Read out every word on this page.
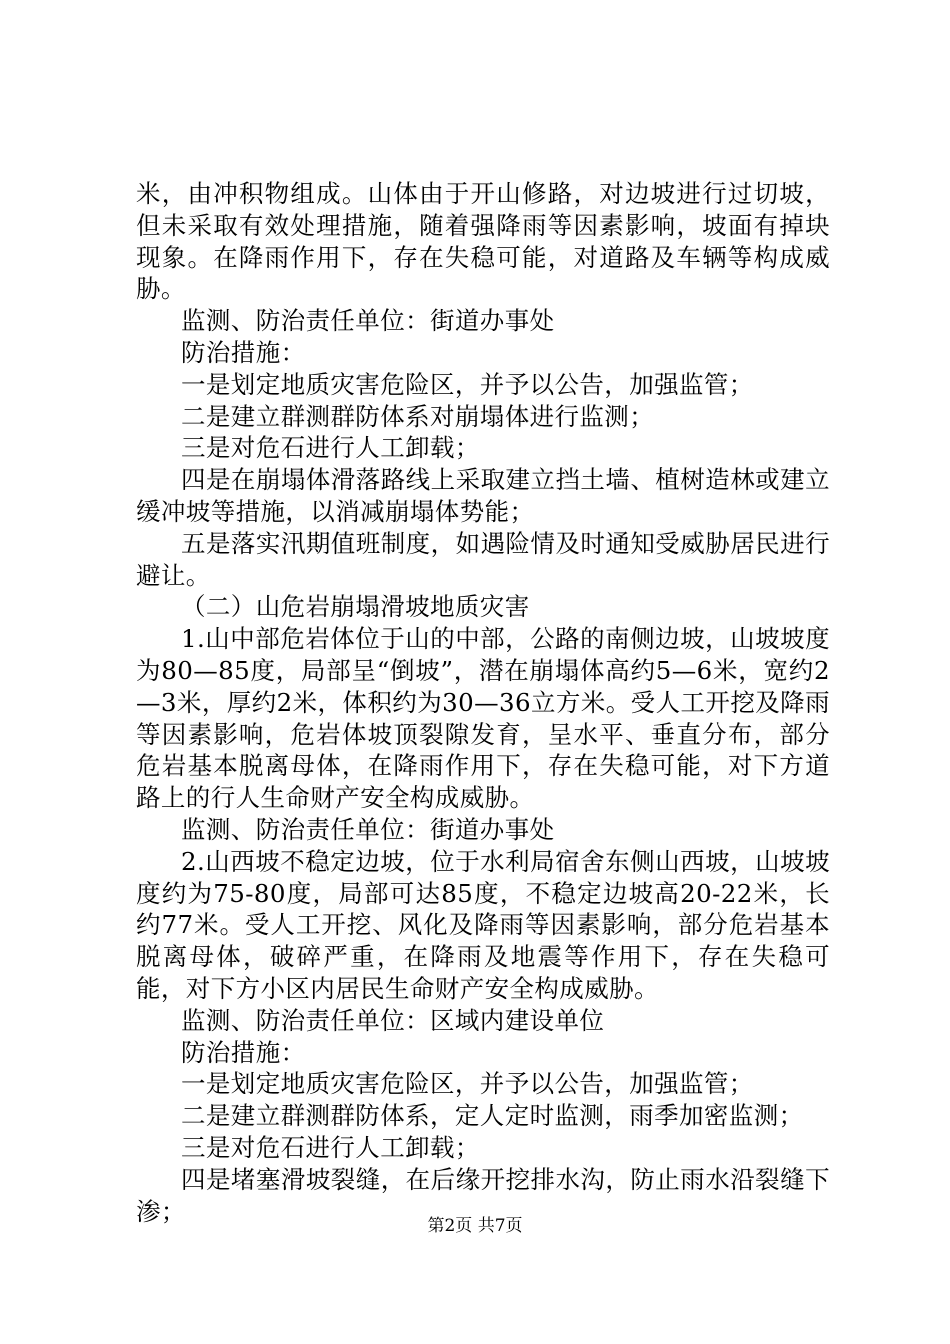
米，由冲积物组成。山体由于开山修路，对边坡进行过切坡，但未采取有效处理措施，随着强降雨等因素影响，坡面有掉块现象。在降雨作用下，存在失稳可能，对道路及车辆等构成威胁。

监测、防治责任单位：街道办事处

防治措施：

一是划定地质灾害危险区，并予以公告，加强监管；

二是建立群测群防体系对崩塌体进行监测；

三是对危石进行人工卸载；

四是在崩塌体滑落路线上采取建立挡土墙、植树造林或建立缓冲坡等措施，以消减崩塌体势能；

五是落实汛期值班制度，如遇险情及时通知受威胁居民进行避让。

（二）山危岩崩塌滑坡地质灾害

1.山中部危岩体位于山的中部，公路的南侧边坡，山坡坡度为80—85度，局部呈“倒坡”，潜在崩塌体高约5—6米，宽约2—3米，厚约2米，体积约为30—36立方米。受人工开挖及降雨等因素影响，危岩体坡顶裂隙发育，呈水平、垂直分布，部分危岩基本脱离母体，在降雨作用下，存在失稳可能，对下方道路上的行人生命财产安全构成威胁。

监测、防治责任单位：街道办事处

2.山西坡不稳定边坡，位于水利局宿舍东侧山西坡，山坡坡度约为75-80度，局部可达85度，不稳定边坡高20-22米，长约77米。受人工开挖、风化及降雨等因素影响，部分危岩基本脱离母体，破碎严重，在降雨及地震等作用下，存在失稳可能，对下方小区内居民生命财产安全构成威胁。

监测、防治责任单位：区域内建设单位

防治措施：

一是划定地质灾害危险区，并予以公告，加强监管；

二是建立群测群防体系，定人定时监测，雨季加密监测；

三是对危石进行人工卸载；

四是堵塞滑坡裂缝，在后缘开挖排水沟，防止雨水沿裂缝下渗；

第2页 共7页
